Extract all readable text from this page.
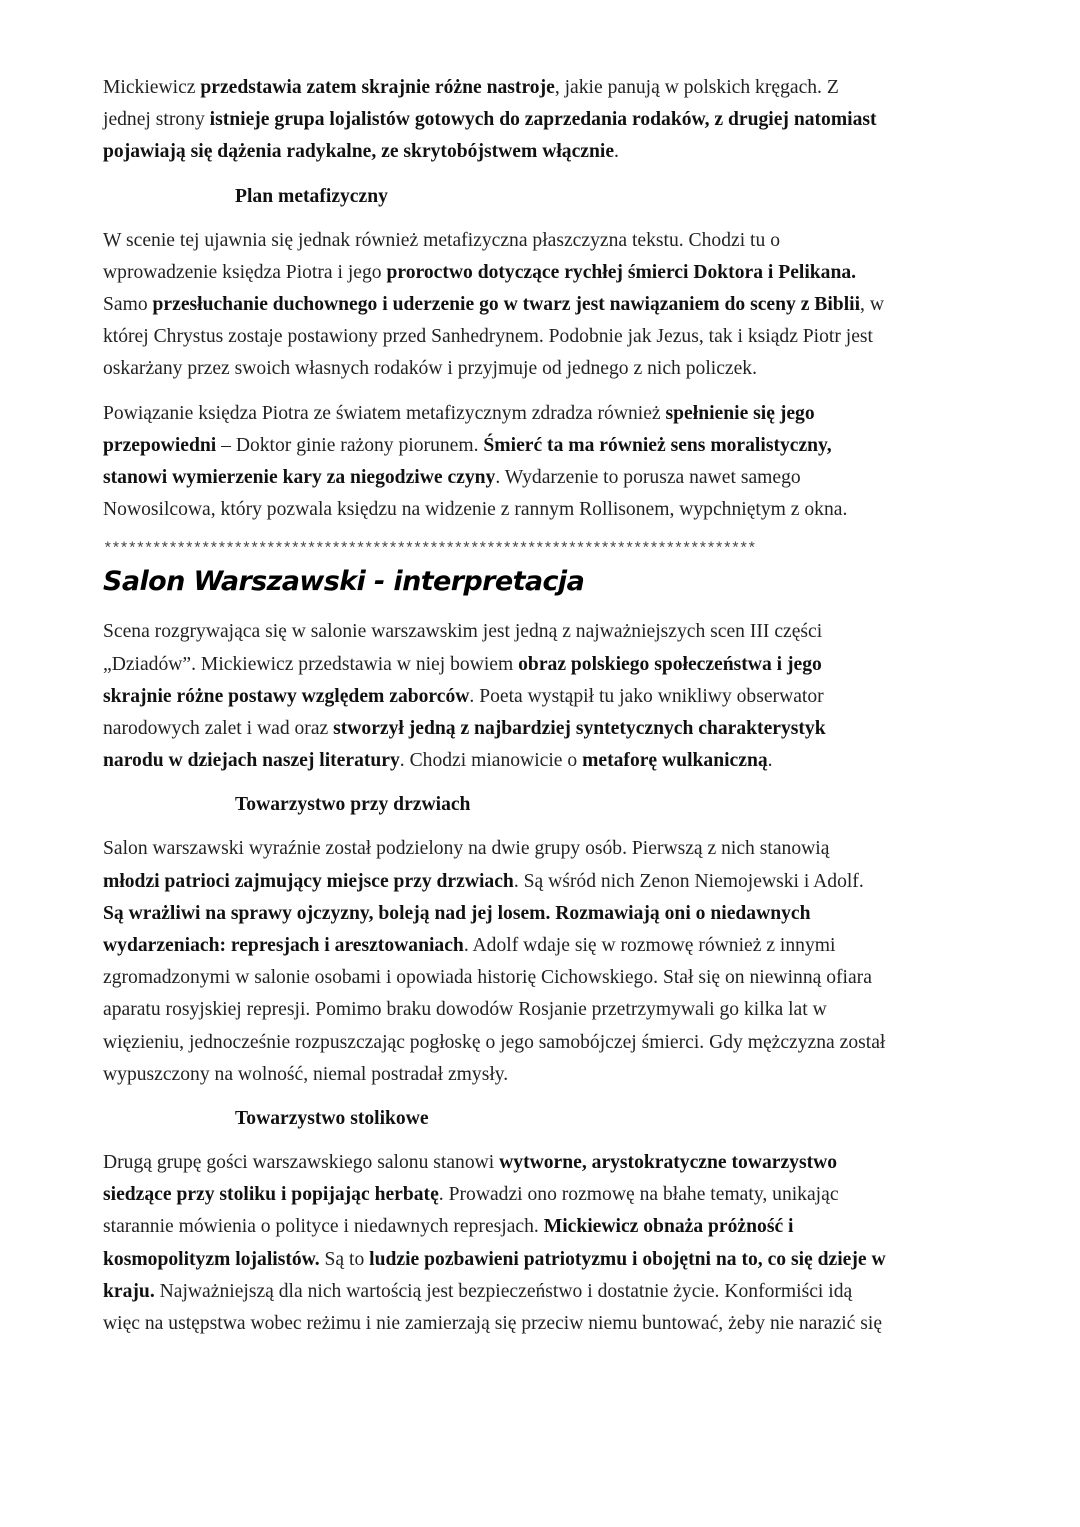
Mickiewicz przedstawia zatem skrajnie różne nastroje, jakie panują w polskich kręgach. Z
jednej strony istnieje grupa lojalistów gotowych do zaprzedania rodaków, z drugiej natomiast
pojawiają się dążenia radykalne, ze skrytobójstwem włącznie.

Plan metafizyczny

W scenie tej ujawnia się jednak również metafizyczna płaszczyzna tekstu. Chodzi tu o
wprowadzenie księdza Piotra i jego proroctwo dotyczące rychłej śmierci Doktora i Pelikana.
Samo przesłuchanie duchownego i uderzenie go w twarz jest nawiązaniem do sceny z Biblii, w
której Chrystus zostaje postawiony przed Sanhedrynem. Podobnie jak Jezus, tak i ksiądz Piotr jest
oskarżany przez swoich własnych rodaków i przyjmuje od jednego z nich policzek.

Powiązanie księdza Piotra ze światem metafizycznym zdradza również spełnienie się jego
przepowiedni – Doktor ginie rażony piorunem. Śmierć ta ma również sens moralistyczny,
stanowi wymierzenie kary za niegodziwe czyny. Wydarzenie to porusza nawet samego
Nowosilcowa, który pozwala księdzu na widzenie z rannym Rollisonem, wypchniętym z okna.

********************************************************************************
Salon Warszawski - interpretacja

Scena rozgrywająca się w salonie warszawskim jest jedną z najważniejszych scen III części
„Dziadów”. Mickiewicz przedstawia w niej bowiem obraz polskiego społeczeństwa i jego
skrajnie różne postawy względem zaborców. Poeta wystąpił tu jako wnikliwy obserwator
narodowych zalet i wad oraz stworzył jedną z najbardziej syntetycznych charakterystyk
narodu w dziejach naszej literatury. Chodzi mianowicie o metaforę wulkaniczną.

Towarzystwo przy drzwiach

Salon warszawski wyraźnie został podzielony na dwie grupy osób. Pierwszą z nich stanowią
młodzi patrioci zajmujący miejsce przy drzwiach. Są wśród nich Zenon Niemojewski i Adolf.
Są wrażliwi na sprawy ojczyzny, boleją nad jej losem. Rozmawiają oni o niedawnych
wydarzeniach: represjach i aresztowaniach. Adolf wdaje się w rozmowę również z innymi
zgromadzonymi w salonie osobami i opowiada historię Cichowskiego. Stał się on niewinną ofiara
aparatu rosyjskiej represji. Pomimo braku dowodów Rosjanie przetrzymywali go kilka lat w
więzieniu, jednocześnie rozpuszczając pogłoskę o jego samobójczej śmierci. Gdy mężczyzna został
wypuszczony na wolność, niemal postradał zmysły.

Towarzystwo stolikowe

Drugą grupę gości warszawskiego salonu stanowi wytworne, arystokratyczne towarzystwo
siedzące przy stoliku i popijając herbatę. Prowadzi ono rozmowę na błahe tematy, unikając
starannie mówienia o polityce i niedawnych represjach. Mickiewicz obnaża próżność i
kosmopolityzm lojalistów. Są to ludzie pozbawieni patriotyzmu i obojętni na to, co się dzieje w
kraju. Najważniejszą dla nich wartością jest bezpieczeństwo i dostatnie życie. Konformiści idą
więc na ustępstwa wobec reżimu i nie zamierzają się przeciw niemu buntować, żeby nie narazić się
